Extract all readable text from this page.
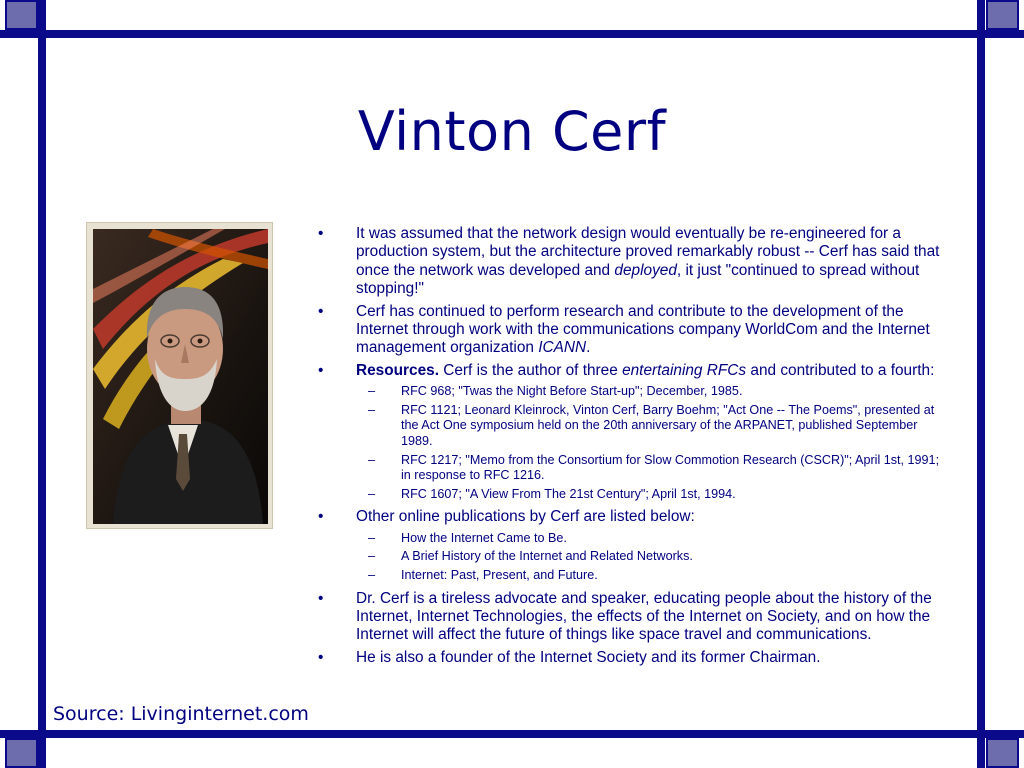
Vinton Cerf
Source: Livinginternet.com
• It was assumed that the network design would eventually be re-engineered for a production system, but the architecture proved remarkably robust -- Cerf has said that once the network was developed and deployed, it just "continued to spread without stopping!"
• Cerf has continued to perform research and contribute to the development of the Internet through work with the communications company WorldCom and the Internet management organization ICANN.
• Resources. Cerf is the author of three entertaining RFCs and contributed to a fourth:
– RFC 968; "Twas the Night Before Start-up"; December, 1985.
– RFC 1121; Leonard Kleinrock, Vinton Cerf, Barry Boehm; "Act One -- The Poems", presented at the Act One symposium held on the 20th anniversary of the ARPANET, published September 1989.
– RFC 1217; "Memo from the Consortium for Slow Commotion Research (CSCR)"; April 1st, 1991; in response to RFC 1216.
– RFC 1607; "A View From The 21st Century"; April 1st, 1994.
• Other online publications by Cerf are listed below:
– How the Internet Came to Be.
– A Brief History of the Internet and Related Networks.
– Internet: Past, Present, and Future.
• Dr. Cerf is a tireless advocate and speaker, educating people about the history of the Internet, Internet Technologies, the effects of the Internet on Society, and on how the Internet will affect the future of things like space travel and communications.
• He is also a founder of the Internet Society and its former Chairman.
